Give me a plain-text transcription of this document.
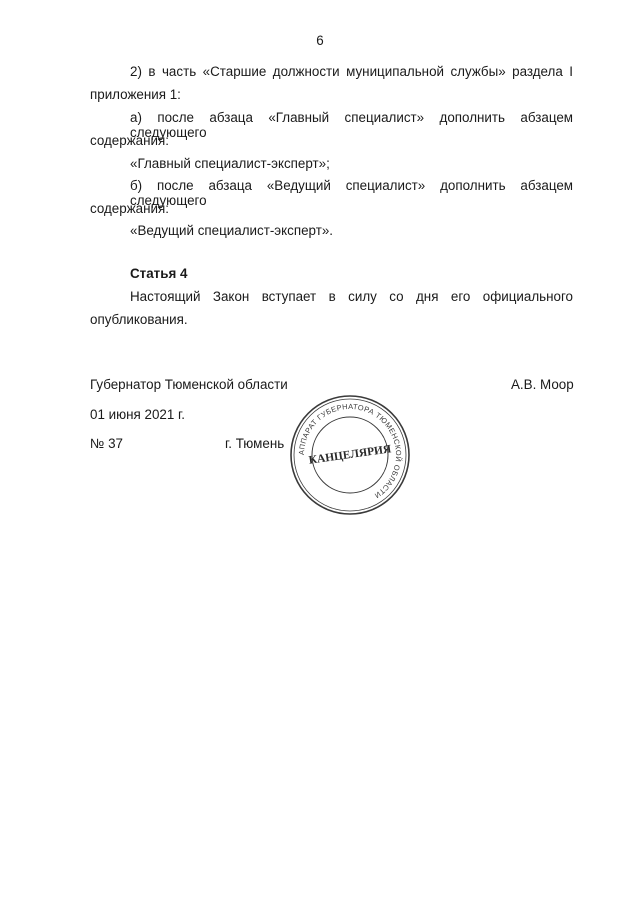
6
2) в часть «Старшие должности муниципальной службы» раздела I
приложения 1:
а) после абзаца «Главный специалист» дополнить абзацем следующего
содержания:
«Главный специалист-эксперт»;
б) после абзаца «Ведущий специалист» дополнить абзацем следующего
содержания:
«Ведущий специалист-эксперт».
Статья 4
Настоящий Закон вступает в силу со дня его официального
опубликования.
Губернатор Тюменской области	А.В. Моор
01 июня 2021 г.
№ 37	г. Тюмень
АППАРАТ ГУБЕРНАТОРА ТЮМЕНСКОЙ ОБЛАСТИ
КАНЦЕЛЯРИЯ
